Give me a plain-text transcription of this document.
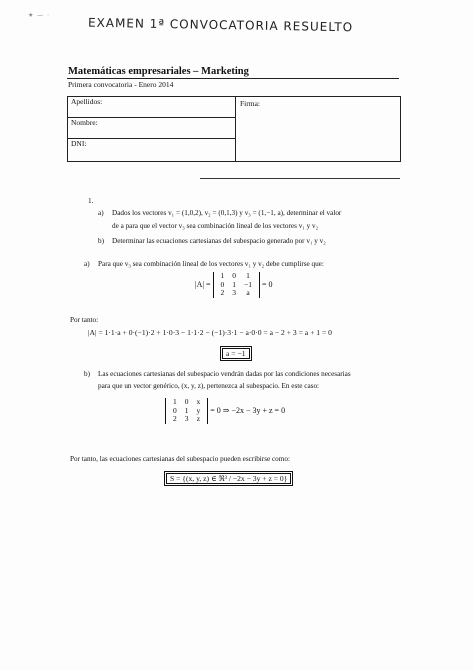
★ — ·
EXAMEN 1ª CONVOCATORIA RESUELTO
Matemáticas empresariales – Marketing
Primera convocatoria - Enero 2014
Apellidos:
Nombre:
DNI:
Firma:
1.
a) Dados los vectores v₁ = (1,0,2), v₂ = (0,1,3) y v₃ = (1,−1, a), determinar el valor
de a para que el vector v₃ sea combinación lineal de los vectores v₁ y v₂
b) Determinar las ecuaciones cartesianas del subespacio generado por v₁ y v₂
a) Para que v₃ sea combinación lineal de los vectores v₁ y v₂ debe cumplirse que:
|A| =
1	0	1
0	1	−1
2	3	a
= 0
Por tanto:
|A| = 1·1·a + 0·(−1)·2 + 1·0·3 − 1·1·2 − (−1)·3·1 − a·0·0 = a − 2 + 3 = a + 1 = 0
a = −1
b) Las ecuaciones cartesianas del subespacio vendrán dadas por las condiciones necesarias
para que un vector genérico, (x, y, z), pertenezca al subespacio. En este caso:
1	0	x
0	1	y
2	3	z
= 0 ⇒ −2x − 3y + z = 0
Por tanto, las ecuaciones cartesianas del subespacio pueden escribirse como:
S = {(x, y, z) ∈ ℜ³ / −2x − 3y + z = 0}
